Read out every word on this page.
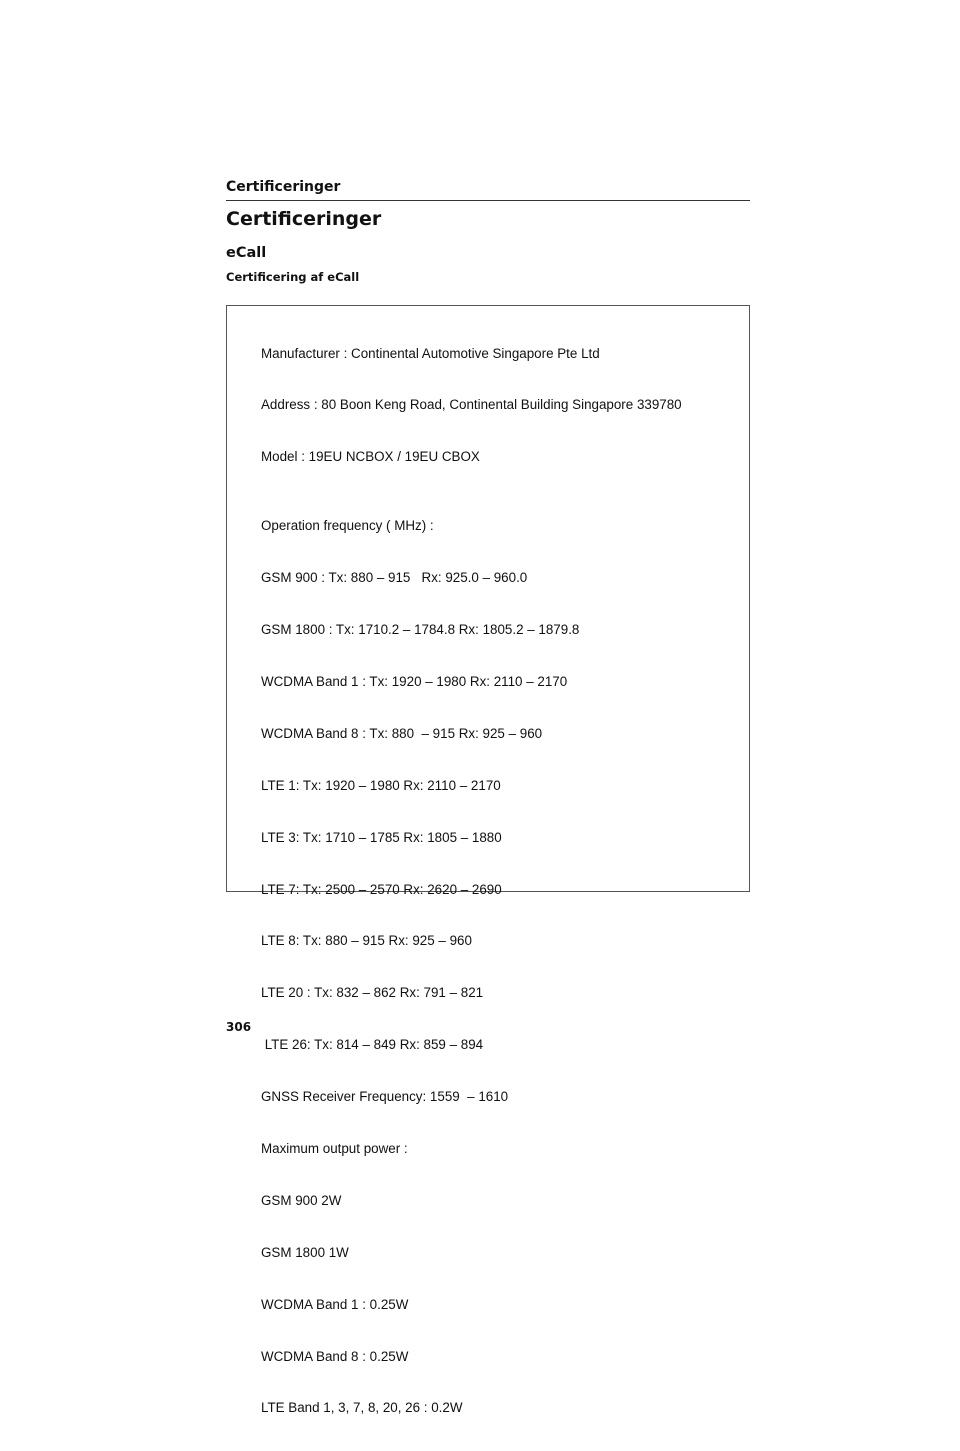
Certificeringer
Certificeringer
eCall
Certificering af eCall

Manufacturer : Continental Automotive Singapore Pte Ltd

Address : 80 Boon Keng Road, Continental Building Singapore 339780

Model : 19EU NCBOX / 19EU CBOX

Operation frequency ( MHz) :

GSM 900 : Tx: 880 – 915   Rx: 925.0 – 960.0

GSM 1800 : Tx: 1710.2 – 1784.8 Rx: 1805.2 – 1879.8

WCDMA Band 1 : Tx: 1920 – 1980 Rx: 2110 – 2170

WCDMA Band 8 : Tx: 880  – 915 Rx: 925 – 960

LTE 1: Tx: 1920 – 1980 Rx: 2110 – 2170

LTE 3: Tx: 1710 – 1785 Rx: 1805 – 1880

LTE 7: Tx: 2500 – 2570 Rx: 2620 – 2690

LTE 8: Tx: 880 – 915 Rx: 925 – 960

LTE 20 : Tx: 832 – 862 Rx: 791 – 821

LTE 26: Tx: 814 – 849 Rx: 859 – 894

GNSS Receiver Frequency: 1559  – 1610

Maximum output power :

GSM 900 2W

GSM 1800 1W

WCDMA Band 1 : 0.25W

WCDMA Band 8 : 0.25W

LTE Band 1, 3, 7, 8, 20, 26 : 0.2W

306
